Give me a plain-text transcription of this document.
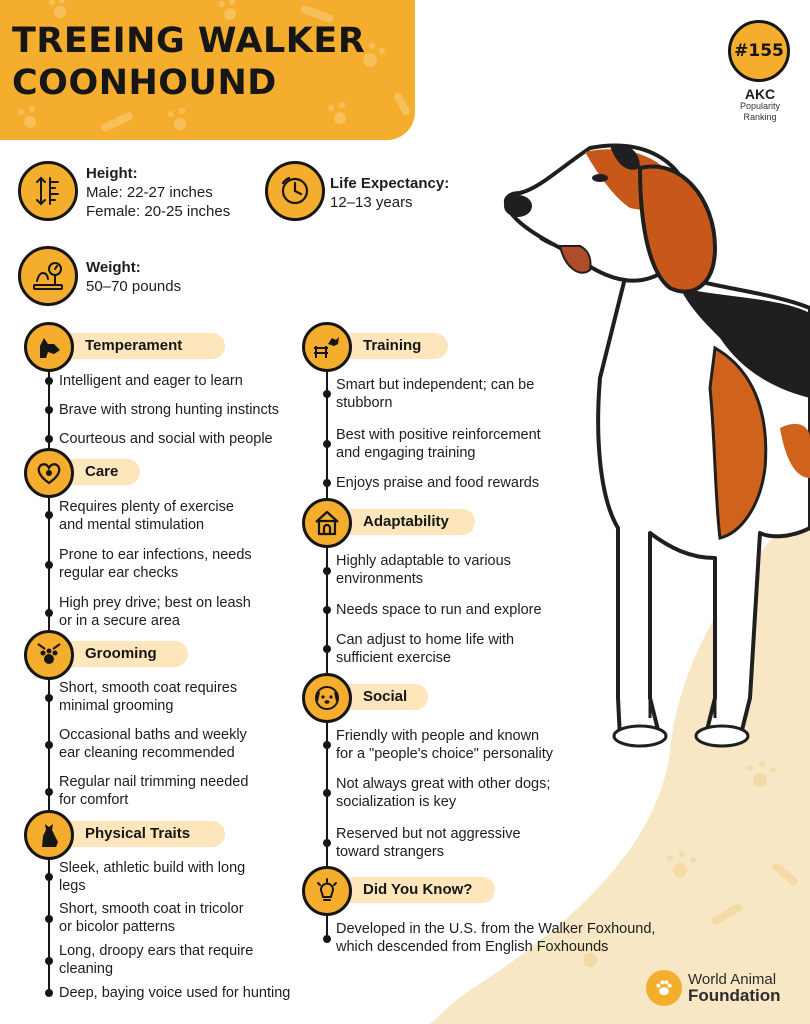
TREEING WALKER
COONHOUND
#155
AKC
Popularity
Ranking
Height:
Male: 22-27 inches
Female: 20-25 inches
Life Expectancy:
12–13 years
Weight:
50–70 pounds
Temperament
Intelligent and eager to learn
Brave with strong hunting instincts
Courteous and social with people
Care
Requires plenty of exercise
and mental stimulation
Prone to ear infections, needs
regular ear checks
High prey drive; best on leash
or in a secure area
Grooming
Short, smooth coat requires
minimal grooming
Occasional baths and weekly
ear cleaning recommended
Regular nail trimming needed
for comfort
Physical Traits
Sleek, athletic build with long
legs
Short, smooth coat in tricolor
or bicolor patterns
Long, droopy ears that require
cleaning
Deep, baying voice used for hunting
Training
Smart but independent; can be
stubborn
Best with positive reinforcement
and engaging training
Enjoys praise and food rewards
Adaptability
Highly adaptable to various
environments
Needs space to run and explore
Can adjust to home life with
sufficient exercise
Social
Friendly with people and known
for a "people's choice" personality
Not always great with other dogs;
socialization is key
Reserved but not aggressive
toward strangers
Did You Know?
Developed in the U.S. from the Walker Foxhound,
which descended from English Foxhounds
World Animal
Foundation
